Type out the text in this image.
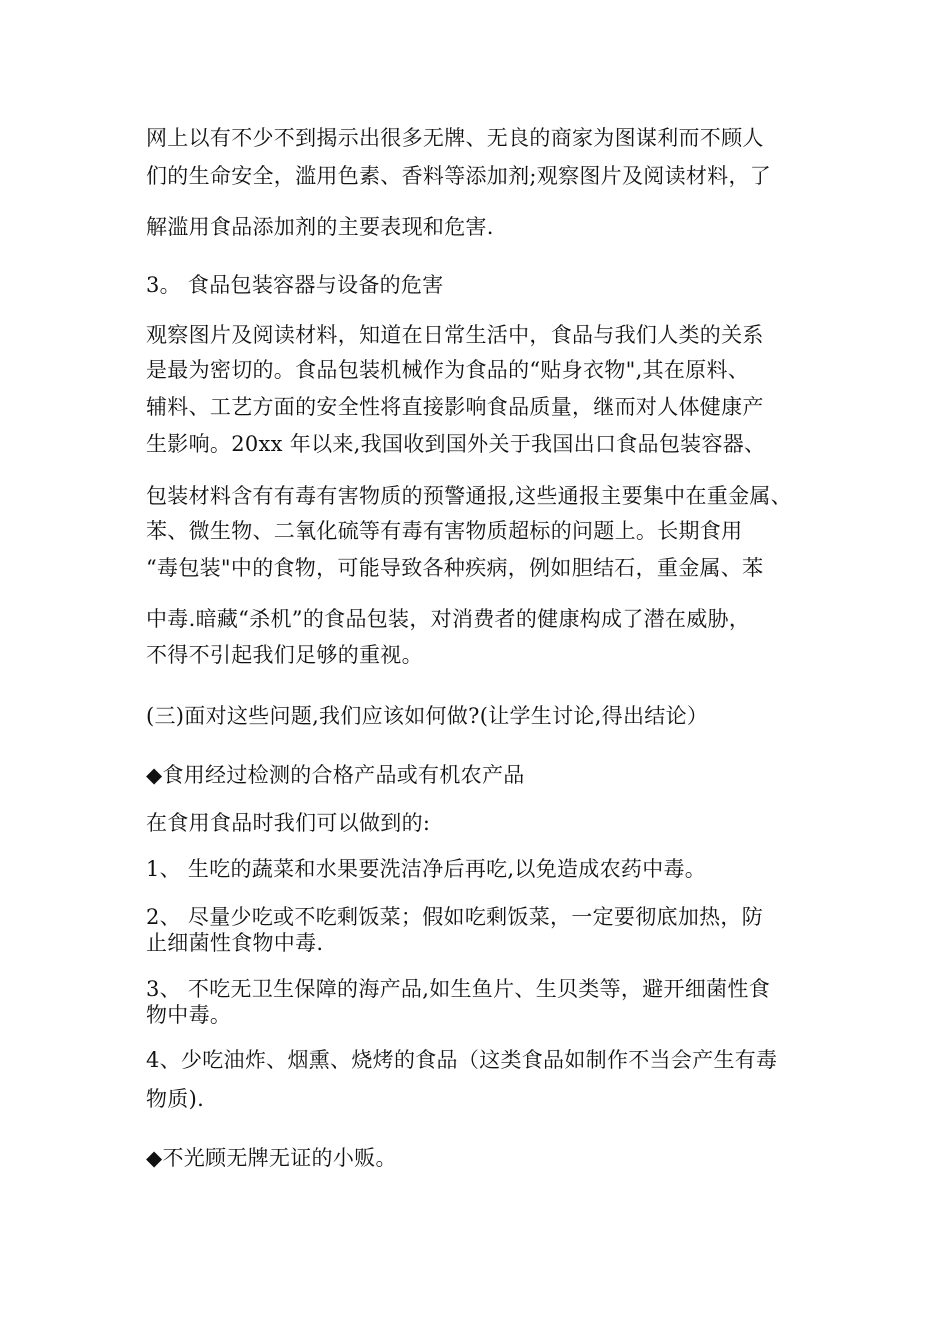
网上以有不少不到揭示出很多无牌、无良的商家为图谋利而不顾人
们的生命安全，滥用色素、香料等添加剂;观察图片及阅读材料，了
解滥用食品添加剂的主要表现和危害.
3。 食品包装容器与设备的危害
观察图片及阅读材料，知道在日常生活中，食品与我们人类的关系
是最为密切的。食品包装机械作为食品的“贴身衣物",其在原料、
辅料、工艺方面的安全性将直接影响食品质量，继而对人体健康产
生影响。20xx 年以来,我国收到国外关于我国出口食品包装容器、
包装材料含有有毒有害物质的预警通报,这些通报主要集中在重金属、
苯、微生物、二氧化硫等有毒有害物质超标的问题上。长期食用
“毒包装"中的食物，可能导致各种疾病，例如胆结石，重金属、苯
中毒.暗藏“杀机”的食品包装，对消费者的健康构成了潜在威胁，
不得不引起我们足够的重视。
(三)面对这些问题,我们应该如何做?(让学生讨论,得出结论）
◆食用经过检测的合格产品或有机农产品
在食用食品时我们可以做到的:
1、 生吃的蔬菜和水果要洗洁净后再吃,以免造成农药中毒。
2、 尽量少吃或不吃剩饭菜；假如吃剩饭菜，一定要彻底加热，防
止细菌性食物中毒.
3、 不吃无卫生保障的海产品,如生鱼片、生贝类等，避开细菌性食
物中毒。
4、少吃油炸、烟熏、烧烤的食品（这类食品如制作不当会产生有毒
物质).
◆不光顾无牌无证的小贩。
